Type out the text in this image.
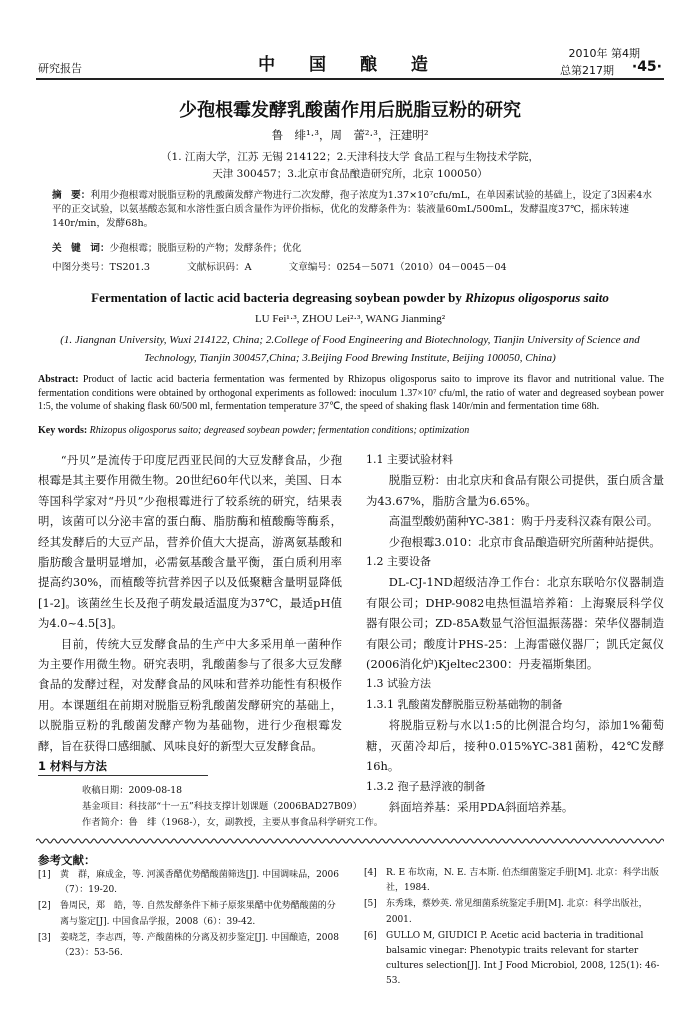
研究报告	中 国 酿 造
2010年 第4期
总第217期 ·45·
少孢根霉发酵乳酸菌作用后脱脂豆粉的研究
鲁　绯¹·³，周　蕾²·³，汪建明²
（1. 江南大学，江苏 无锡 214122；2.天津科技大学 食品工程与生物技术学院，
天津 300457；3.北京市食品酿造研究所，北京 100050）
摘　要：利用少孢根霉对脱脂豆粉的乳酸菌发酵产物进行二次发酵，孢子浓度为1.37×10⁷cfu/mL，在单因素试验的基础上，设定了3因素4水平的正交试验，以氨基酸态氮和水溶性蛋白质含量作为评价指标，优化的发酵条件为：装液量60mL/500mL，发酵温度37℃，摇床转速140r/min，发酵68h。
关　键　词：少孢根霉；脱脂豆粉的产物；发酵条件；优化
中图分类号：TS201.3	文献标识码：A	文章编号：0254－5071（2010）04－0045－04
Fermentation of lactic acid bacteria degreasing soybean powder by Rhizopus oligosporus saito
LU Fei¹·³, ZHOU Lei²·³, WANG Jianming²
(1. Jiangnan University, Wuxi 214122, China; 2.College of Food Engineering and Biotechnology, Tianjin University of Science and
Technology, Tianjin 300457,China; 3.Beijing Food Brewing Institute, Beijing 100050, China)
Abstract: Product of lactic acid bacteria fermentation was fermented by Rhizopus oligosporus saito to improve its flavor and nutritional value. The fermentation conditions were obtained by orthogonal experiments as followed: inoculum 1.37×10⁷ cfu/ml, the ratio of water and degreased soybean power 1:5, the volume of shaking flask 60/500 ml, fermentation temperature 37℃, the speed of shaking flask 140r/min and fermentation time 68h.
Key words: Rhizopus oligosporus saito; degreased soybean powder; fermentation conditions; optimization

“丹贝”是流传于印度尼西亚民间的大豆发酵食品，少孢根霉是其主要作用微生物。20世纪60年代以来，美国、日本等国科学家对“丹贝”少孢根霉进行了较系统的研究，结果表明，该菌可以分泌丰富的蛋白酶、脂肪酶和植酸酶等酶系，经其发酵后的大豆产品，营养价值大大提高，游离氨基酸和脂肪酸含量明显增加，必需氨基酸含量平衡，蛋白质利用率提高约30%，而植酸等抗营养因子以及低聚糖含量明显降低[1-2]。该菌丝生长及孢子萌发最适温度为37℃，最适pH值为4.0~4.5[3]。

目前，传统大豆发酵食品的生产中大多采用单一菌种作为主要作用微生物。研究表明，乳酸菌参与了很多大豆发酵食品的发酵过程，对发酵食品的风味和营养功能性有积极作用。本课题组在前期对脱脂豆粉乳酸菌发酵研究的基础上，以脱脂豆粉的乳酸菌发酵产物为基础物，进行少孢根霉发酵，旨在获得口感细腻、风味良好的新型大豆发酵食品。

1 材料与方法

1.1 主要试验材料

脱脂豆粉：由北京庆和食品有限公司提供，蛋白质含量为43.67%，脂肪含量为6.65%。

高温型酸奶菌种YC-381：购于丹麦科汉森有限公司。

少孢根霉3.010：北京市食品酿造研究所菌种站提供。

1.2 主要设备

DL-CJ-1ND超级洁净工作台：北京东联哈尔仪器制造有限公司；DHP-9082电热恒温培养箱：上海聚辰科学仪器有限公司；ZD-85A数显气浴恒温振荡器：荣华仪器制造有限公司；酸度计PHS-25：上海雷磁仪器厂；凯氏定氮仪(2006消化炉)Kjeltec2300：丹麦福斯集团。

1.3 试验方法

1.3.1 乳酸菌发酵脱脂豆粉基础物的制备

将脱脂豆粉与水以1:5的比例混合均匀，添加1%葡萄糖，灭菌冷却后，接种0.015%YC-381菌粉，42℃发酵16h。

1.3.2 孢子悬浮液的制备

斜面培养基：采用PDA斜面培养基。

收稿日期：2009-08-18
基金项目：科技部“十一五”科技支撑计划课题（2006BAD27B09）
作者简介：鲁　绯（1968-），女，副教授，主要从事食品科学研究工作。
参考文献：
[1]	黄　群，麻成金，等. 河溪香醋优势醋酸菌筛选[J]. 中国调味品，2006（7）：19-20.
[2]	鲁周民，郑　皓，等. 自然发酵条件下柿子原浆果醋中优势醋酸菌的分离与鉴定[J]. 中国食品学报，2008（6）：39-42.
[3]	姜晓芝，李志西，等. 产酸菌株的分离及初步鉴定[J]. 中国酿造，2008（23）：53-56.
[4]	R. E 布坎南，N. E. 吉本斯. 伯杰细菌鉴定手册[M]. 北京：科学出版社，1984.
[5]	东秀珠，蔡妙英. 常见细菌系统鉴定手册[M]. 北京：科学出版社，2001.
[6]	GULLO M, GIUDICI P. Acetic acid bacteria in traditional balsamic vinegar: Phenotypic traits relevant for starter cultures selection[J]. Int J Food Microbiol, 2008, 125(1): 46-53.
